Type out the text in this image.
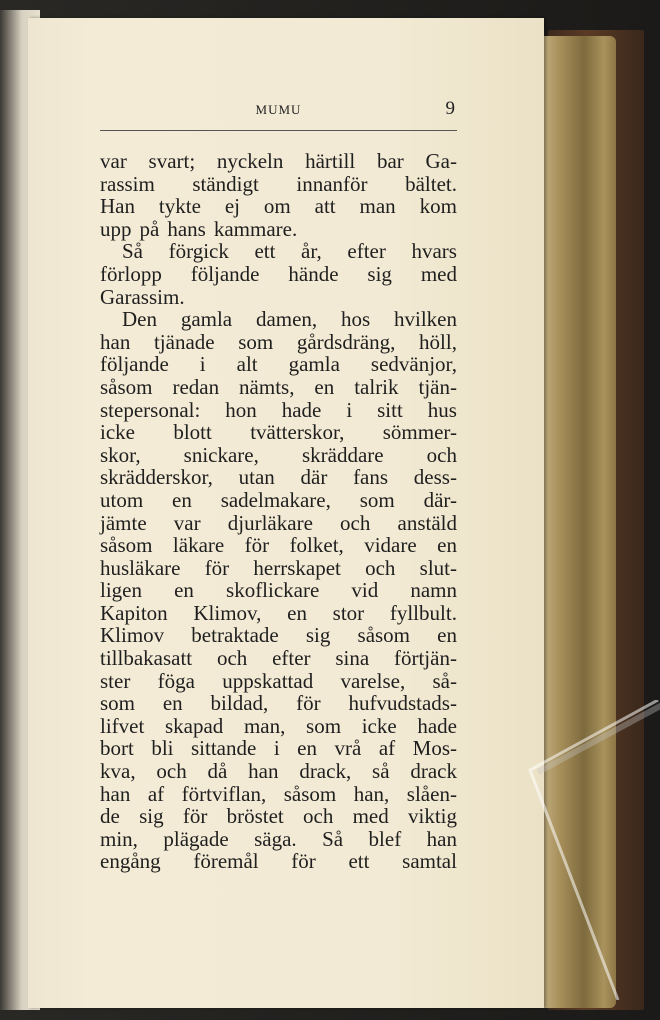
MUMU	9
var svart; nyckeln härtill bar Ga-
rassim ständigt innanför bältet.
Han tykte ej om att man kom
upp på hans kammare.
Så förgick ett år, efter hvars
förlopp följande hände sig med
Garassim.
Den gamla damen, hos hvilken
han tjänade som gårdsdräng, höll,
följande i alt gamla sedvänjor,
såsom redan nämts, en talrik tjän-
stepersonal: hon hade i sitt hus
icke blott tvätterskor, sömmer-
skor, snickare, skräddare och
skrädderskor, utan där fans dess-
utom en sadelmakare, som där-
jämte var djurläkare och anstäld
såsom läkare för folket, vidare en
husläkare för herrskapet och slut-
ligen en skoflickare vid namn
Kapiton Klimov, en stor fyllbult.
Klimov betraktade sig såsom en
tillbakasatt och efter sina förtjän-
ster föga uppskattad varelse, så-
som en bildad, för hufvudstads-
lifvet skapad man, som icke hade
bort bli sittande i en vrå af Mos-
kva, och då han drack, så drack
han af förtviflan, såsom han, slåen-
de sig för bröstet och med viktig
min, plägade säga. Så blef han
engång föremål för ett samtal
